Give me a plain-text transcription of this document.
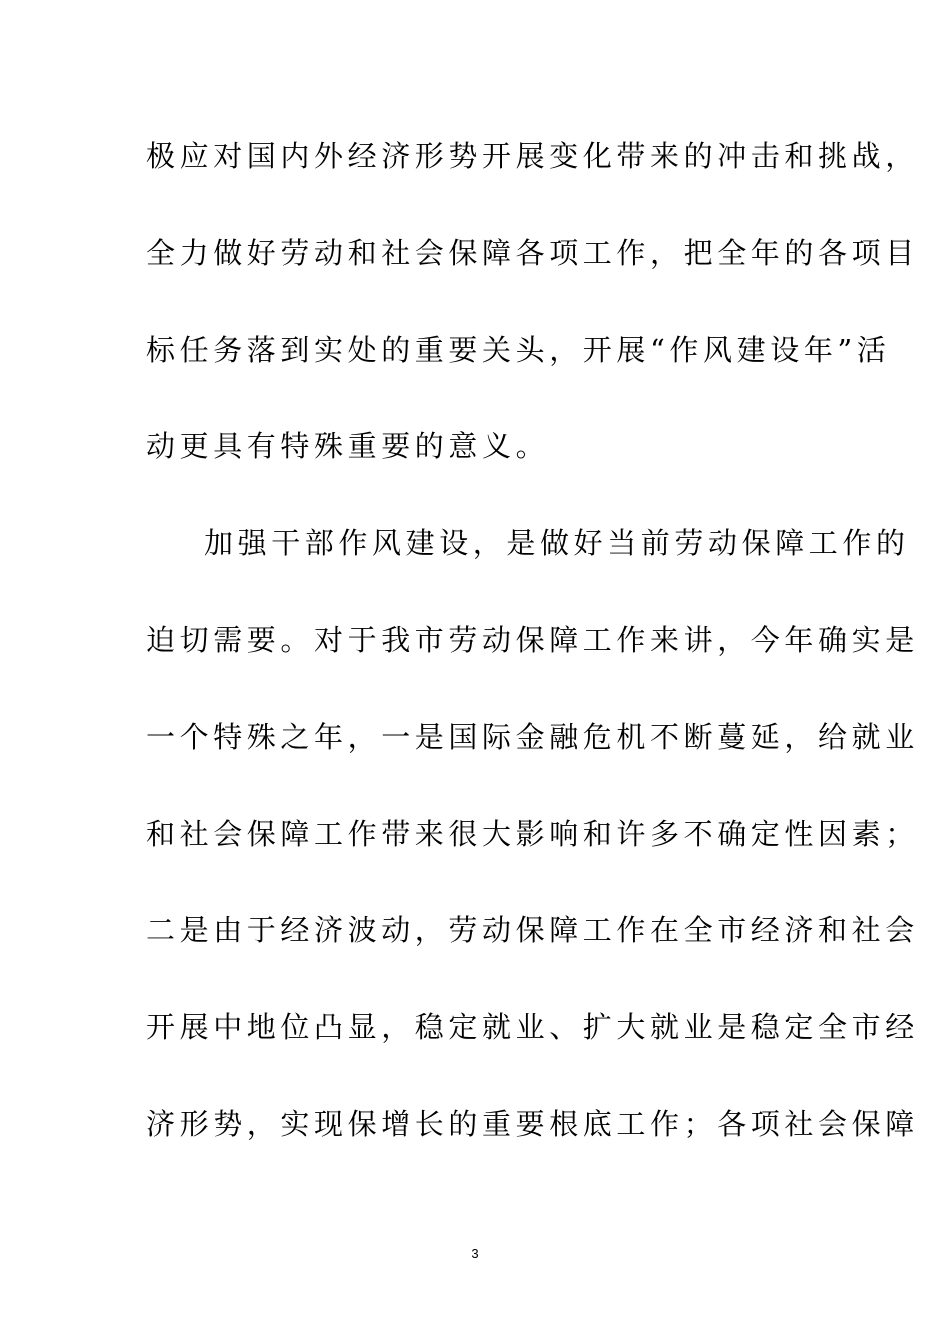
极应对国内外经济形势开展变化带来的冲击和挑战，
全力做好劳动和社会保障各项工作，把全年的各项目
标任务落到实处的重要关头，开展“作风建设年”活
动更具有特殊重要的意义。
加强干部作风建设，是做好当前劳动保障工作的
迫切需要。对于我市劳动保障工作来讲，今年确实是
一个特殊之年，一是国际金融危机不断蔓延，给就业
和社会保障工作带来很大影响和许多不确定性因素；
二是由于经济波动，劳动保障工作在全市经济和社会
开展中地位凸显，稳定就业、扩大就业是稳定全市经
济形势，实现保增长的重要根底工作；各项社会保障
3
